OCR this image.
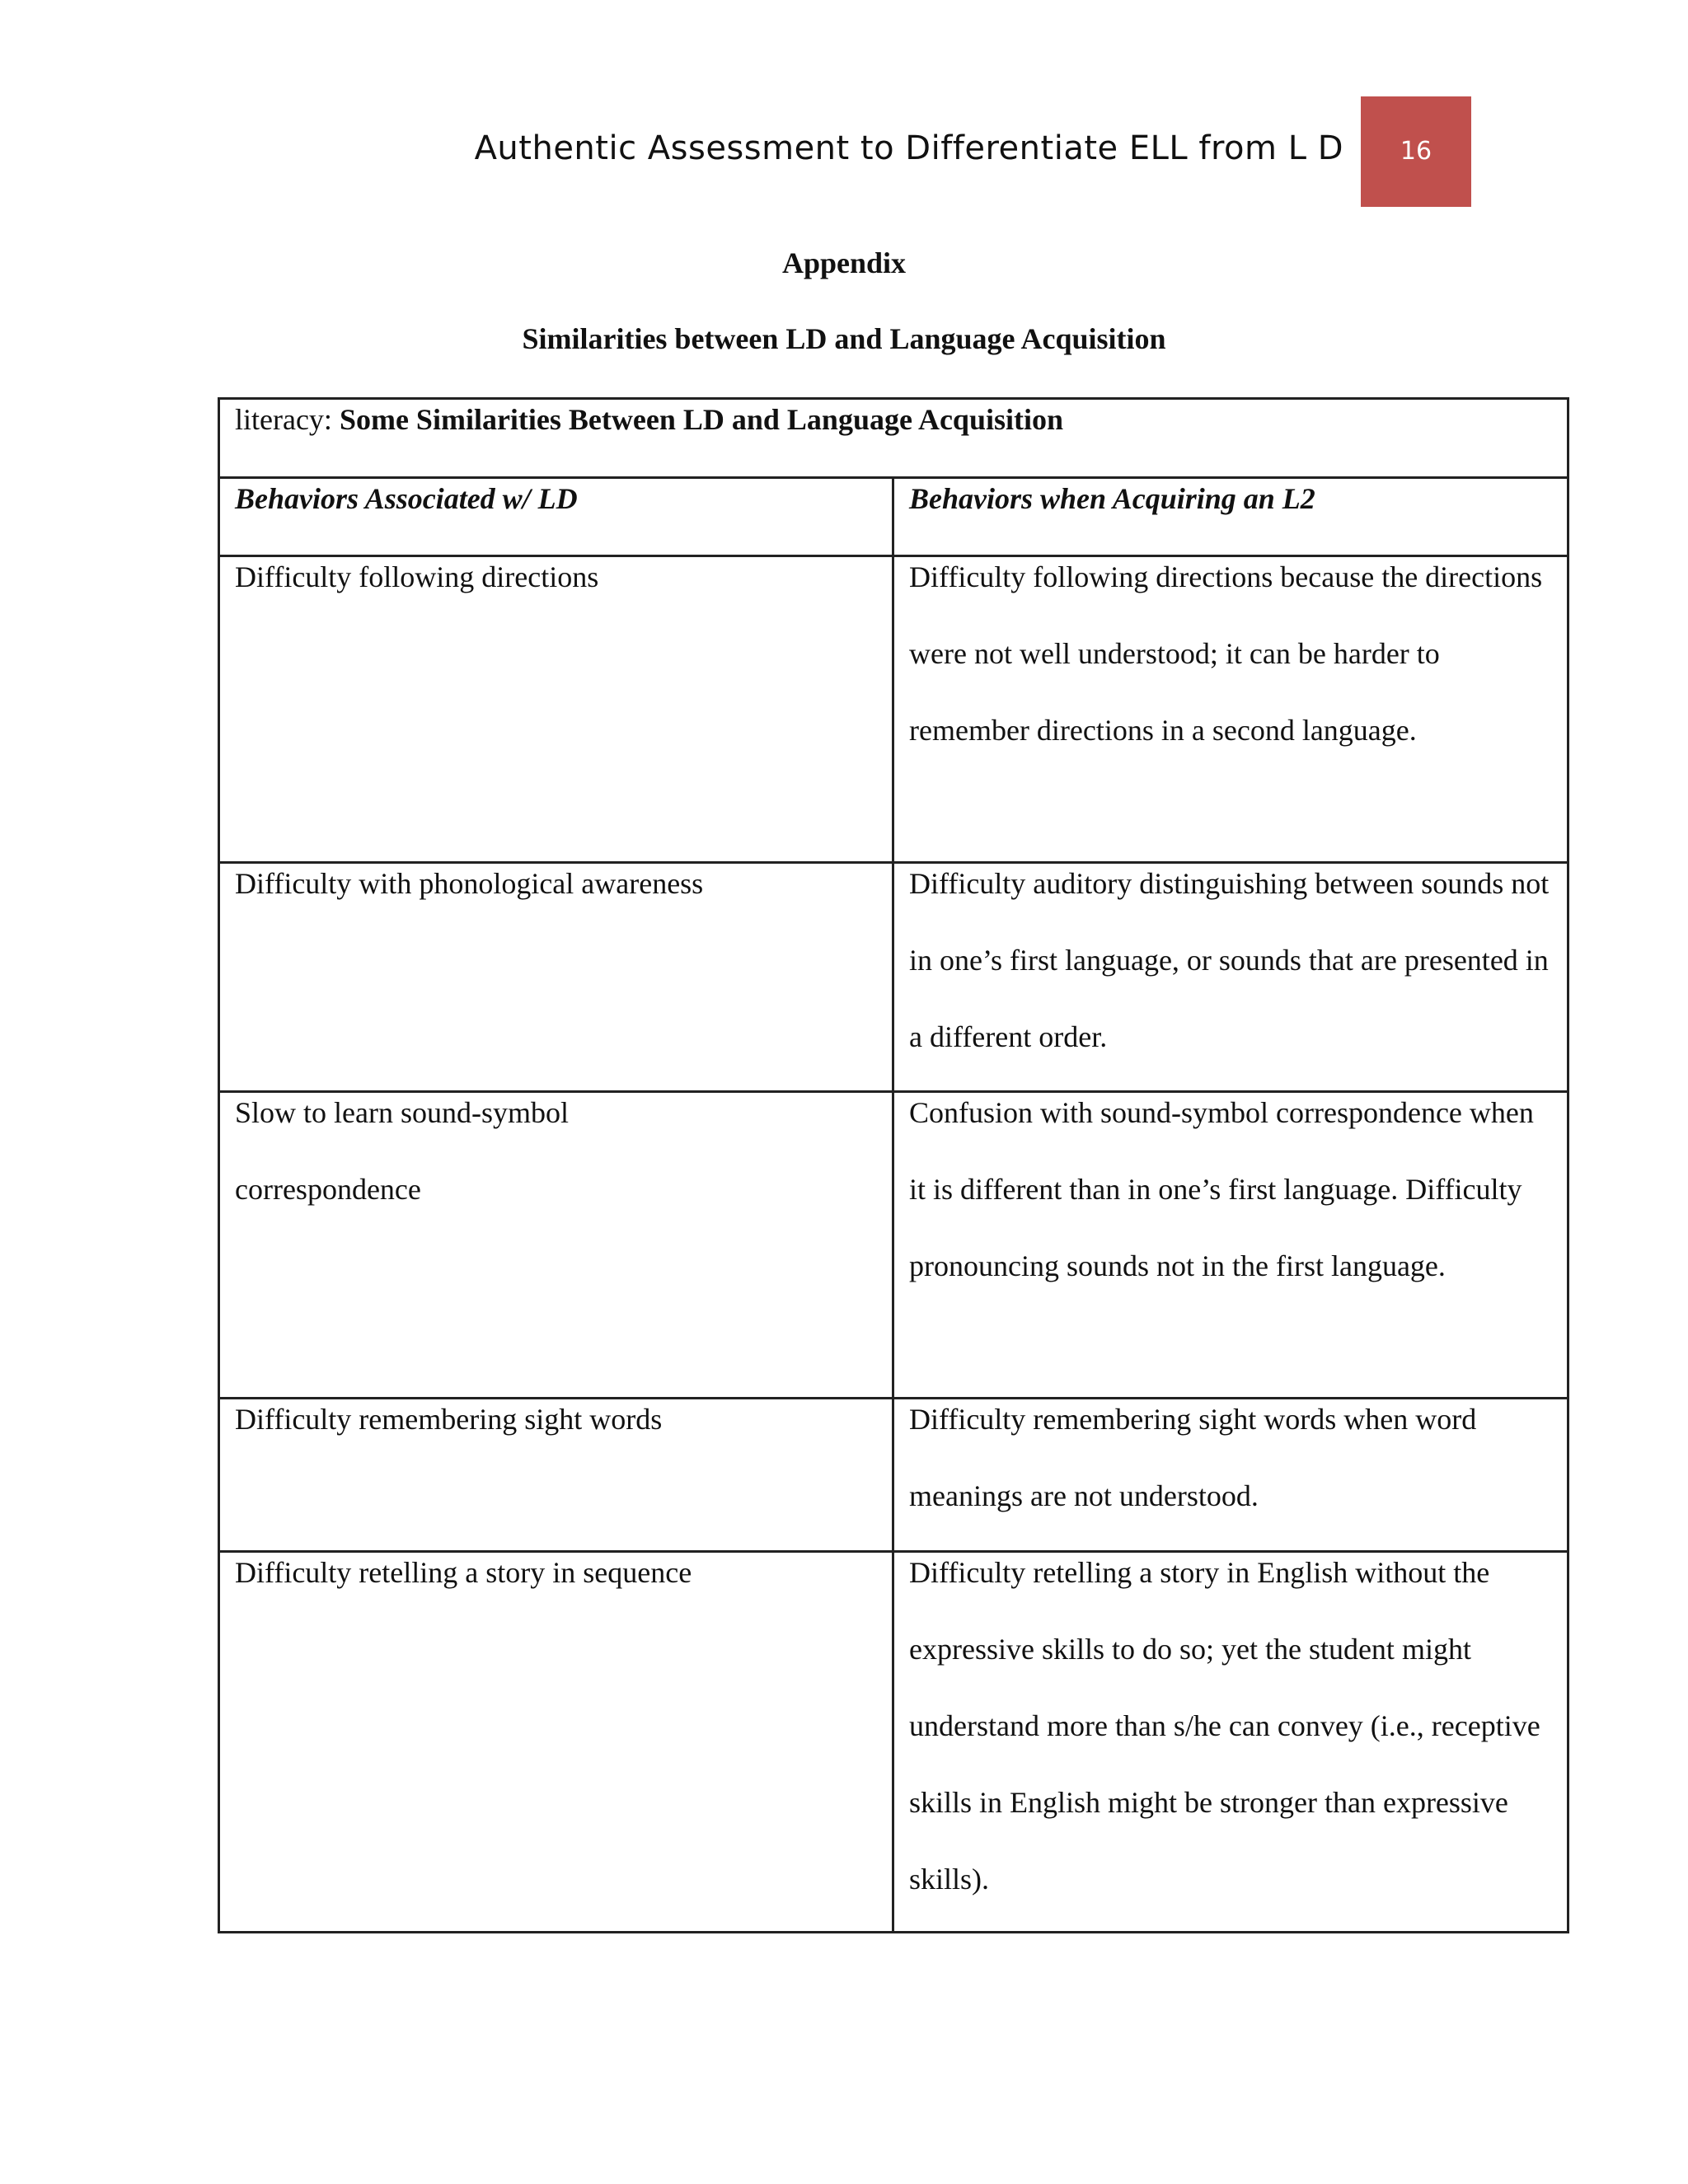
Authentic Assessment to Differentiate ELL from L D	16
Appendix
Similarities between LD and Language Acquisition
literacy: Some Similarities Between LD and Language Acquisition	
Behaviors Associated w/ LD	Behaviors when Acquiring an L2

Difficulty following directions	Difficulty following directions because the directions were not well understood; it can be harder to remember directions in a second language.

Difficulty with phonological awareness	Difficulty auditory distinguishing between sounds not in one’s first language, or sounds that are presented in a different order.

Slow to learn sound-symbol correspondence	Confusion with sound-symbol correspondence when it is different than in one’s first language. Difficulty pronouncing sounds not in the first language.

Difficulty remembering sight words	Difficulty remembering sight words when word meanings are not understood.

Difficulty retelling a story in sequence	Difficulty retelling a story in English without the expressive skills to do so; yet the student might understand more than s/he can convey (i.e., receptive skills in English might be stronger than expressive skills).
